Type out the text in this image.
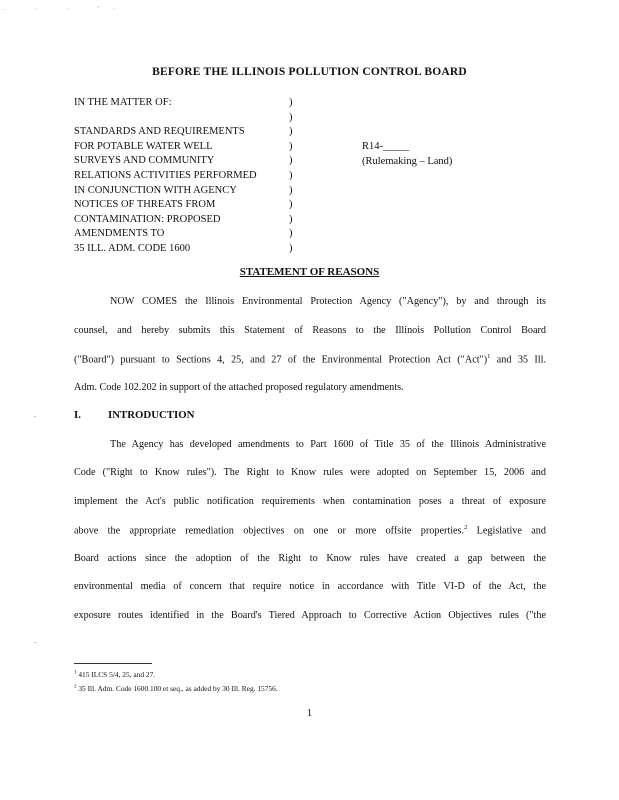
. · · '·
BEFORE THE ILLINOIS POLLUTION CONTROL BOARD
IN THE MATTER OF:
STANDARDS AND REQUIREMENTS
FOR POTABLE WATER WELL
SURVEYS AND COMMUNITY
RELATIONS ACTIVITIES PERFORMED
IN CONJUNCTION WITH AGENCY
NOTICES OF THREATS FROM
CONTAMINATION: PROPOSED
AMENDMENTS TO
35 ILL. ADM. CODE 1600
)
)
)
)
)
)
)
)
)
)
)
R14-_____
(Rulemaking – Land)
STATEMENT OF REASONS
NOW COMES the Illinois Environmental Protection Agency ("Agency"), by and through its
counsel, and hereby submits this Statement of Reasons to the Illinois Pollution Control Board
("Board") pursuant to Sections 4, 25, and 27 of the Environmental Protection Act ("Act")$^1$ and 35 Ill.
Adm. Code 102.202 in support of the attached proposed regulatory amendments.
.	I.	INTRODUCTION
The Agency has developed amendments to Part 1600 of Title 35 of the Illinois Administrative
Code ("Right to Know rules"). The Right to Know rules were adopted on September 15, 2006 and
implement the Act's public notification requirements when contamination poses a threat of exposure
above the appropriate remediation objectives on one or more offsite properties.$^2$ Legislative and
Board actions since the adoption of the Right to Know rules have created a gap between the
environmental media of concern that require notice in accordance with Title VI-D of the Act, the
exposure routes identified in the Board's Tiered Approach to Corrective Action Objectives rules ("the
.
$^1$ 415 ILCS 5/4, 25, and 27.
$^2$ 35 Ill. Adm. Code 1600.100 et seq., as added by 30 Ill. Reg. 15756.
1
